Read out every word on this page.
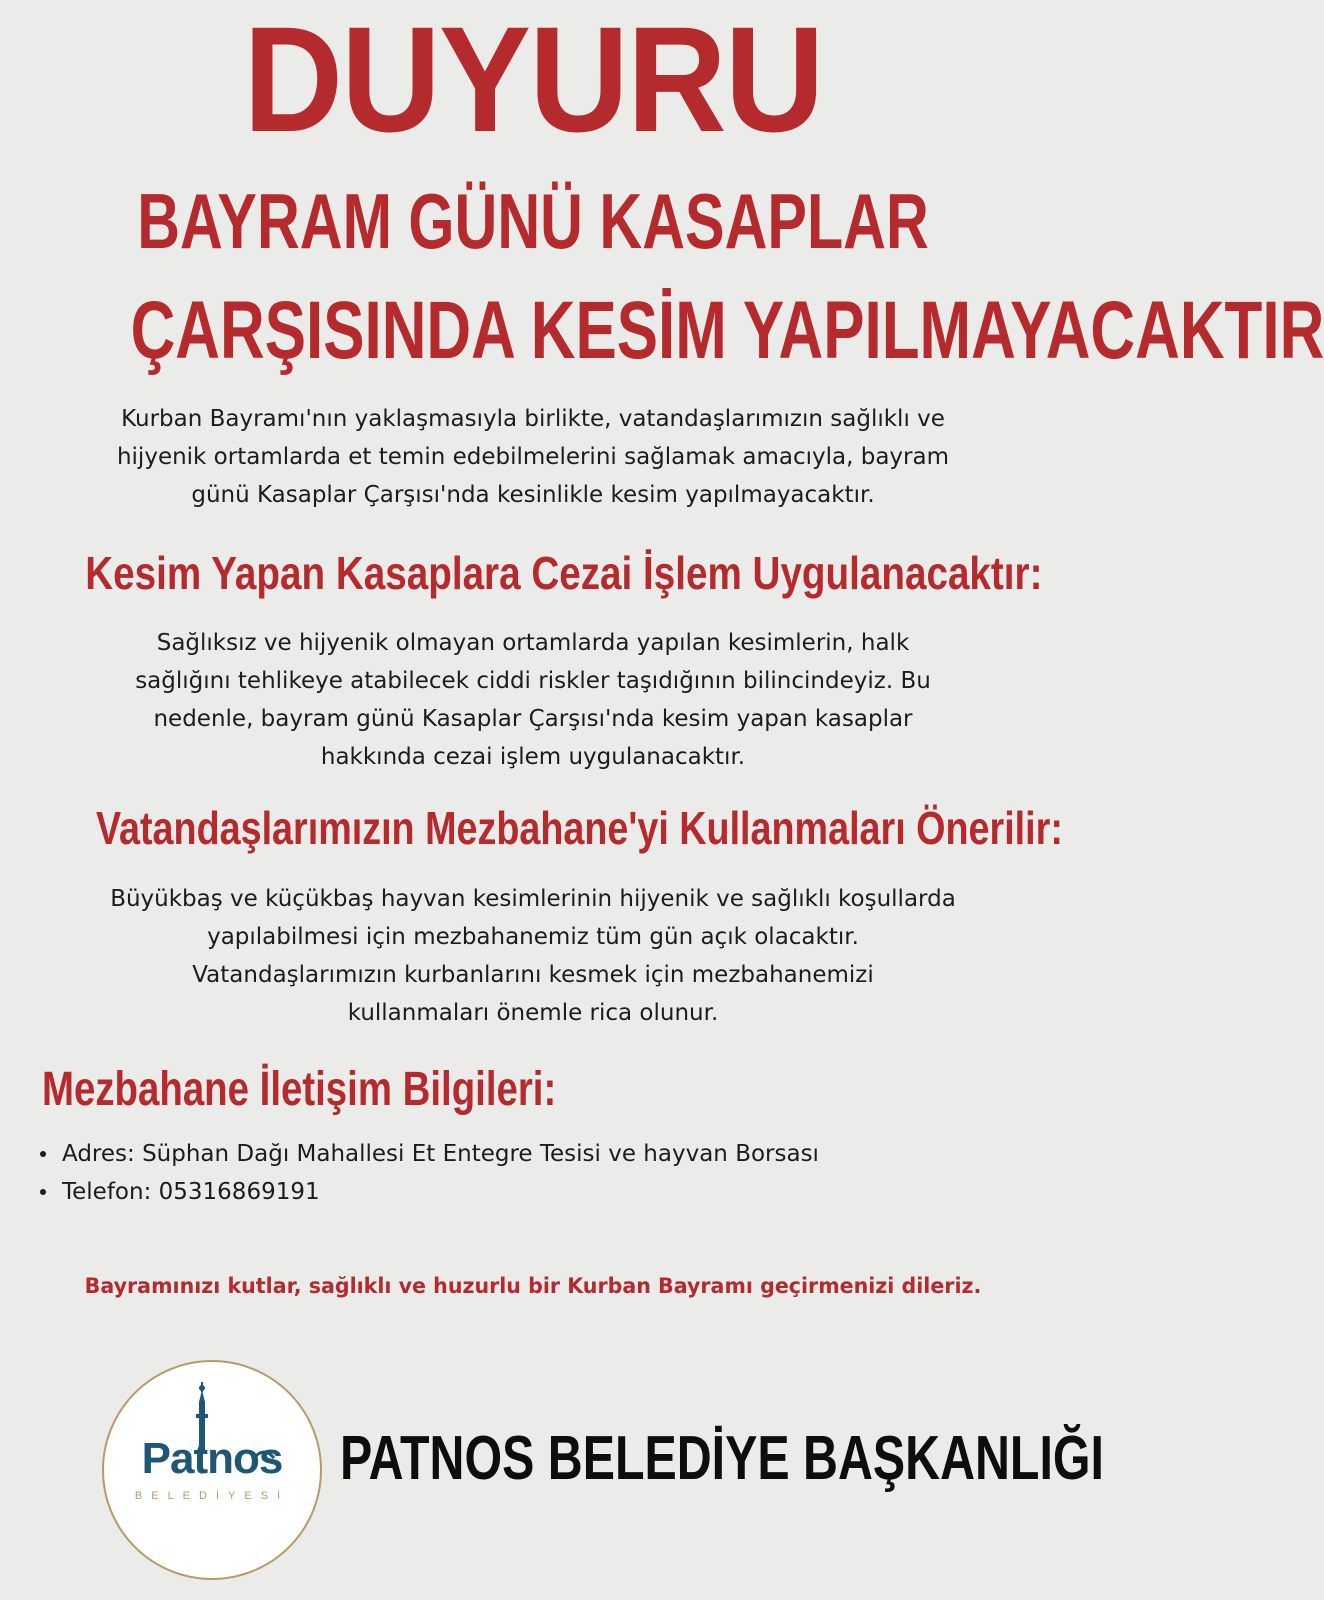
DUYURU
BAYRAM GÜNÜ KASAPLAR
ÇARŞISINDA KESİM YAPILMAYACAKTIR
Kurban Bayramı'nın yaklaşmasıyla birlikte, vatandaşlarımızın sağlıklı ve
hijyenik ortamlarda et temin edebilmelerini sağlamak amacıyla, bayram
günü Kasaplar Çarşısı'nda kesinlikle kesim yapılmayacaktır.
Kesim Yapan Kasaplara Cezai İşlem Uygulanacaktır:
Sağlıksız ve hijyenik olmayan ortamlarda yapılan kesimlerin, halk
sağlığını tehlikeye atabilecek ciddi riskler taşıdığının bilincindeyiz. Bu
nedenle, bayram günü Kasaplar Çarşısı'nda kesim yapan kasaplar
hakkında cezai işlem uygulanacaktır.
Vatandaşlarımızın Mezbahane'yi Kullanmaları Önerilir:
Büyükbaş ve küçükbaş hayvan kesimlerinin hijyenik ve sağlıklı koşullarda
yapılabilmesi için mezbahanemiz tüm gün açık olacaktır.
Vatandaşlarımızın kurbanlarını kesmek için mezbahanemizi
kullanmaları önemle rica olunur.
Mezbahane İletişim Bilgileri:
Adres: Süphan Dağı Mahallesi Et Entegre Tesisi ve hayvan Borsası
Telefon: 05316869191
Bayramınızı kutlar, sağlıklı ve huzurlu bir Kurban Bayramı geçirmenizi dileriz.
Patnos
BELEDİYESİ
PATNOS BELEDİYE BAŞKANLIĞI
